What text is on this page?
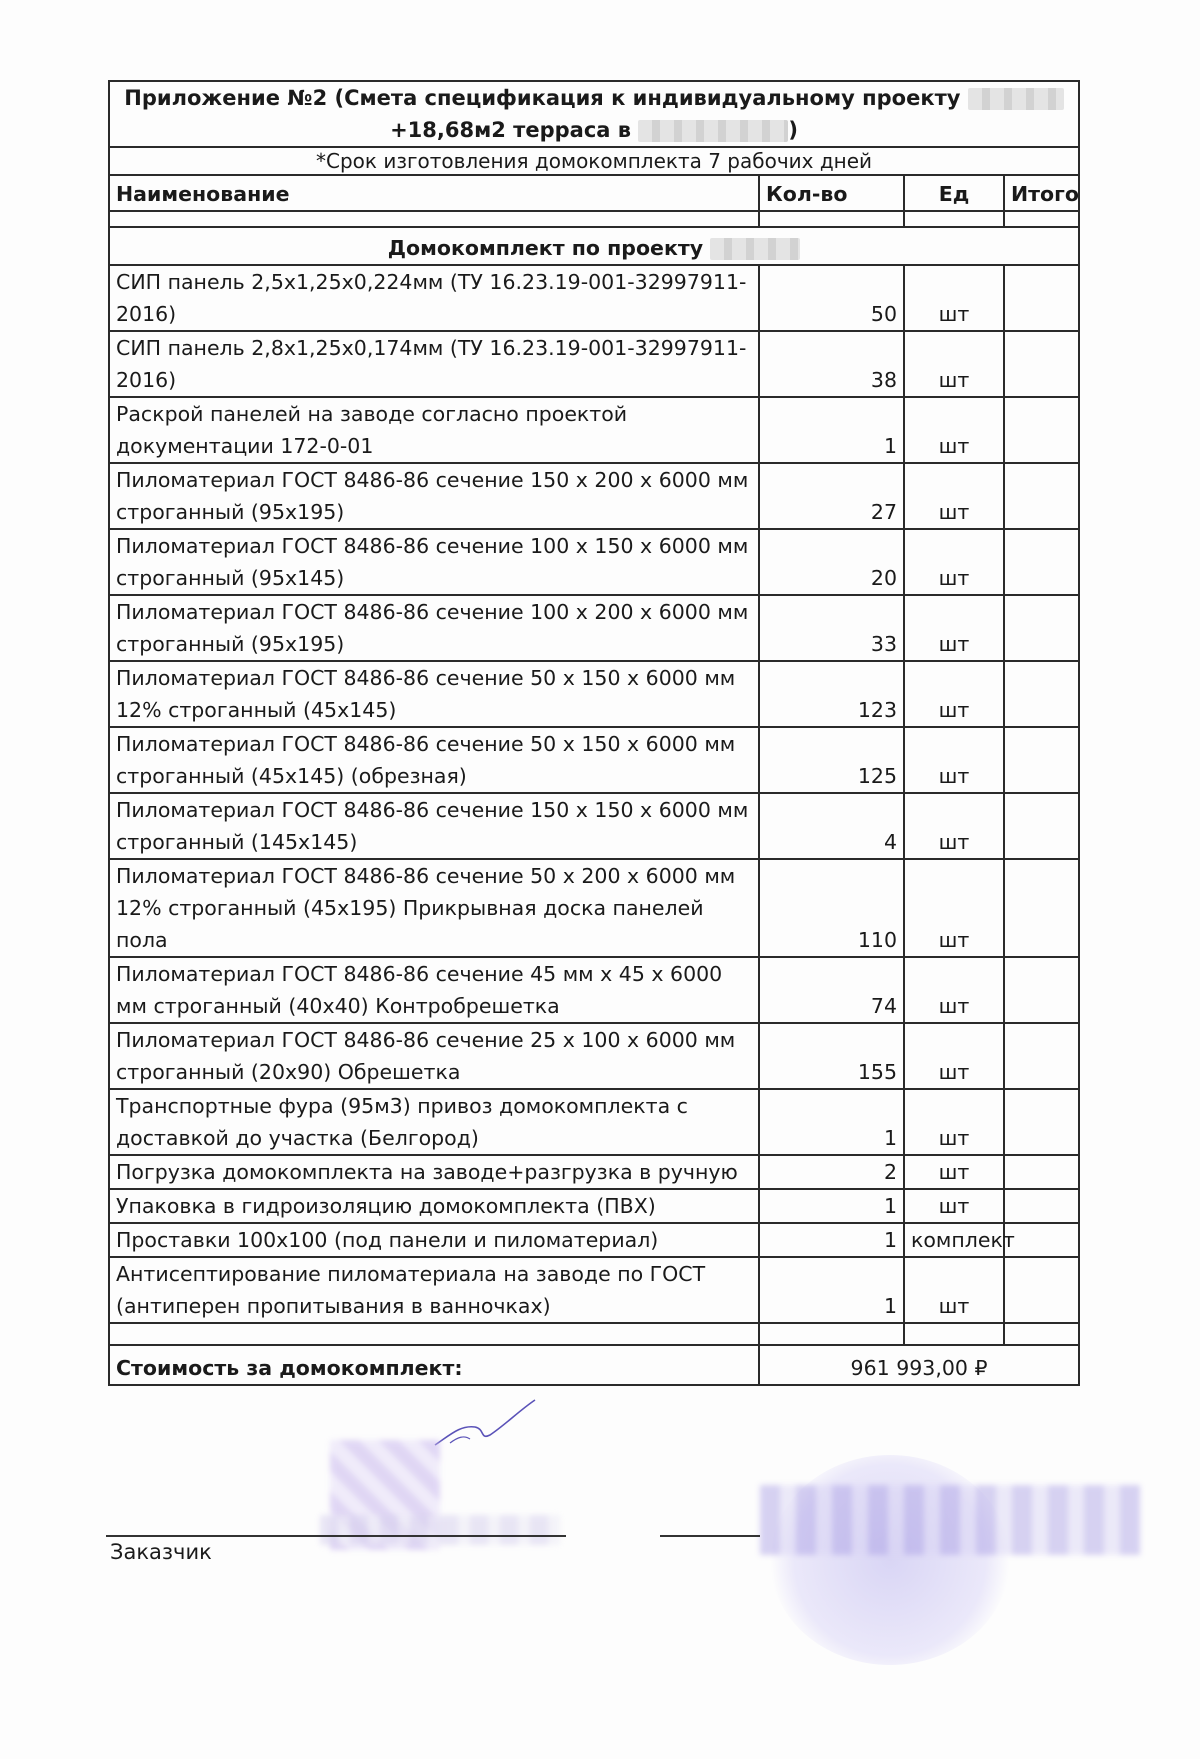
Приложение №2 (Смета спецификация к индивидуальному проекту
+18,68м2 терраса в )			
*Срок изготовления домокомплекта 7 рабочих дней			
Наименование	Кол-во	Ед	Итого

Домокомплект по проекту			
СИП панель 2,5х1,25х0,224мм (ТУ 16.23.19-001-32997911-2016)	50	шт	
СИП панель 2,8х1,25х0,174мм (ТУ 16.23.19-001-32997911-2016)	38	шт	
Раскрой панелей на заводе согласно проектой документации 172-0-01	1	шт	
Пиломатериал ГОСТ 8486-86 сечение 150 х 200 х 6000 мм строганный (95х195)	27	шт	
Пиломатериал ГОСТ 8486-86 сечение 100 х 150 х 6000 мм строганный (95х145)	20	шт	
Пиломатериал ГОСТ 8486-86 сечение 100 х 200 х 6000 мм строганный (95х195)	33	шт	
Пиломатериал ГОСТ 8486-86 сечение 50 х 150 х 6000 мм 12% строганный (45х145)	123	шт	
Пиломатериал ГОСТ 8486-86 сечение 50 х 150 х 6000 мм строганный (45х145) (обрезная)	125	шт	
Пиломатериал ГОСТ 8486-86 сечение 150 х 150 х 6000 мм строганный (145х145)	4	шт	
Пиломатериал ГОСТ 8486-86 сечение 50 х 200 х 6000 мм 12% строганный (45х195) Прикрывная доска панелей пола	110	шт	
Пиломатериал ГОСТ 8486-86 сечение 45 мм х 45 х 6000 мм строганный (40х40) Контробрешетка	74	шт	
Пиломатериал ГОСТ 8486-86 сечение 25 х 100 х 6000 мм строганный (20х90) Обрешетка	155	шт	
Транспортные фура (95м3) привоз домокомплекта с доставкой до участка (Белгород)	1	шт	
Погрузка домокомплекта на заводе+разгрузка в ручную	2	шт	
Упаковка в гидроизоляцию домокомплекта (ПВХ)	1	шт	
Проставки 100х100 (под панели и пиломатериал)	1	комплект	
Антисептирование пиломатериала на заводе по ГОСТ (антиперен пропитывания в ванночках)	1	шт	

Стоимость за домокомплект:	961 993,00 ₽		
Заказчик
